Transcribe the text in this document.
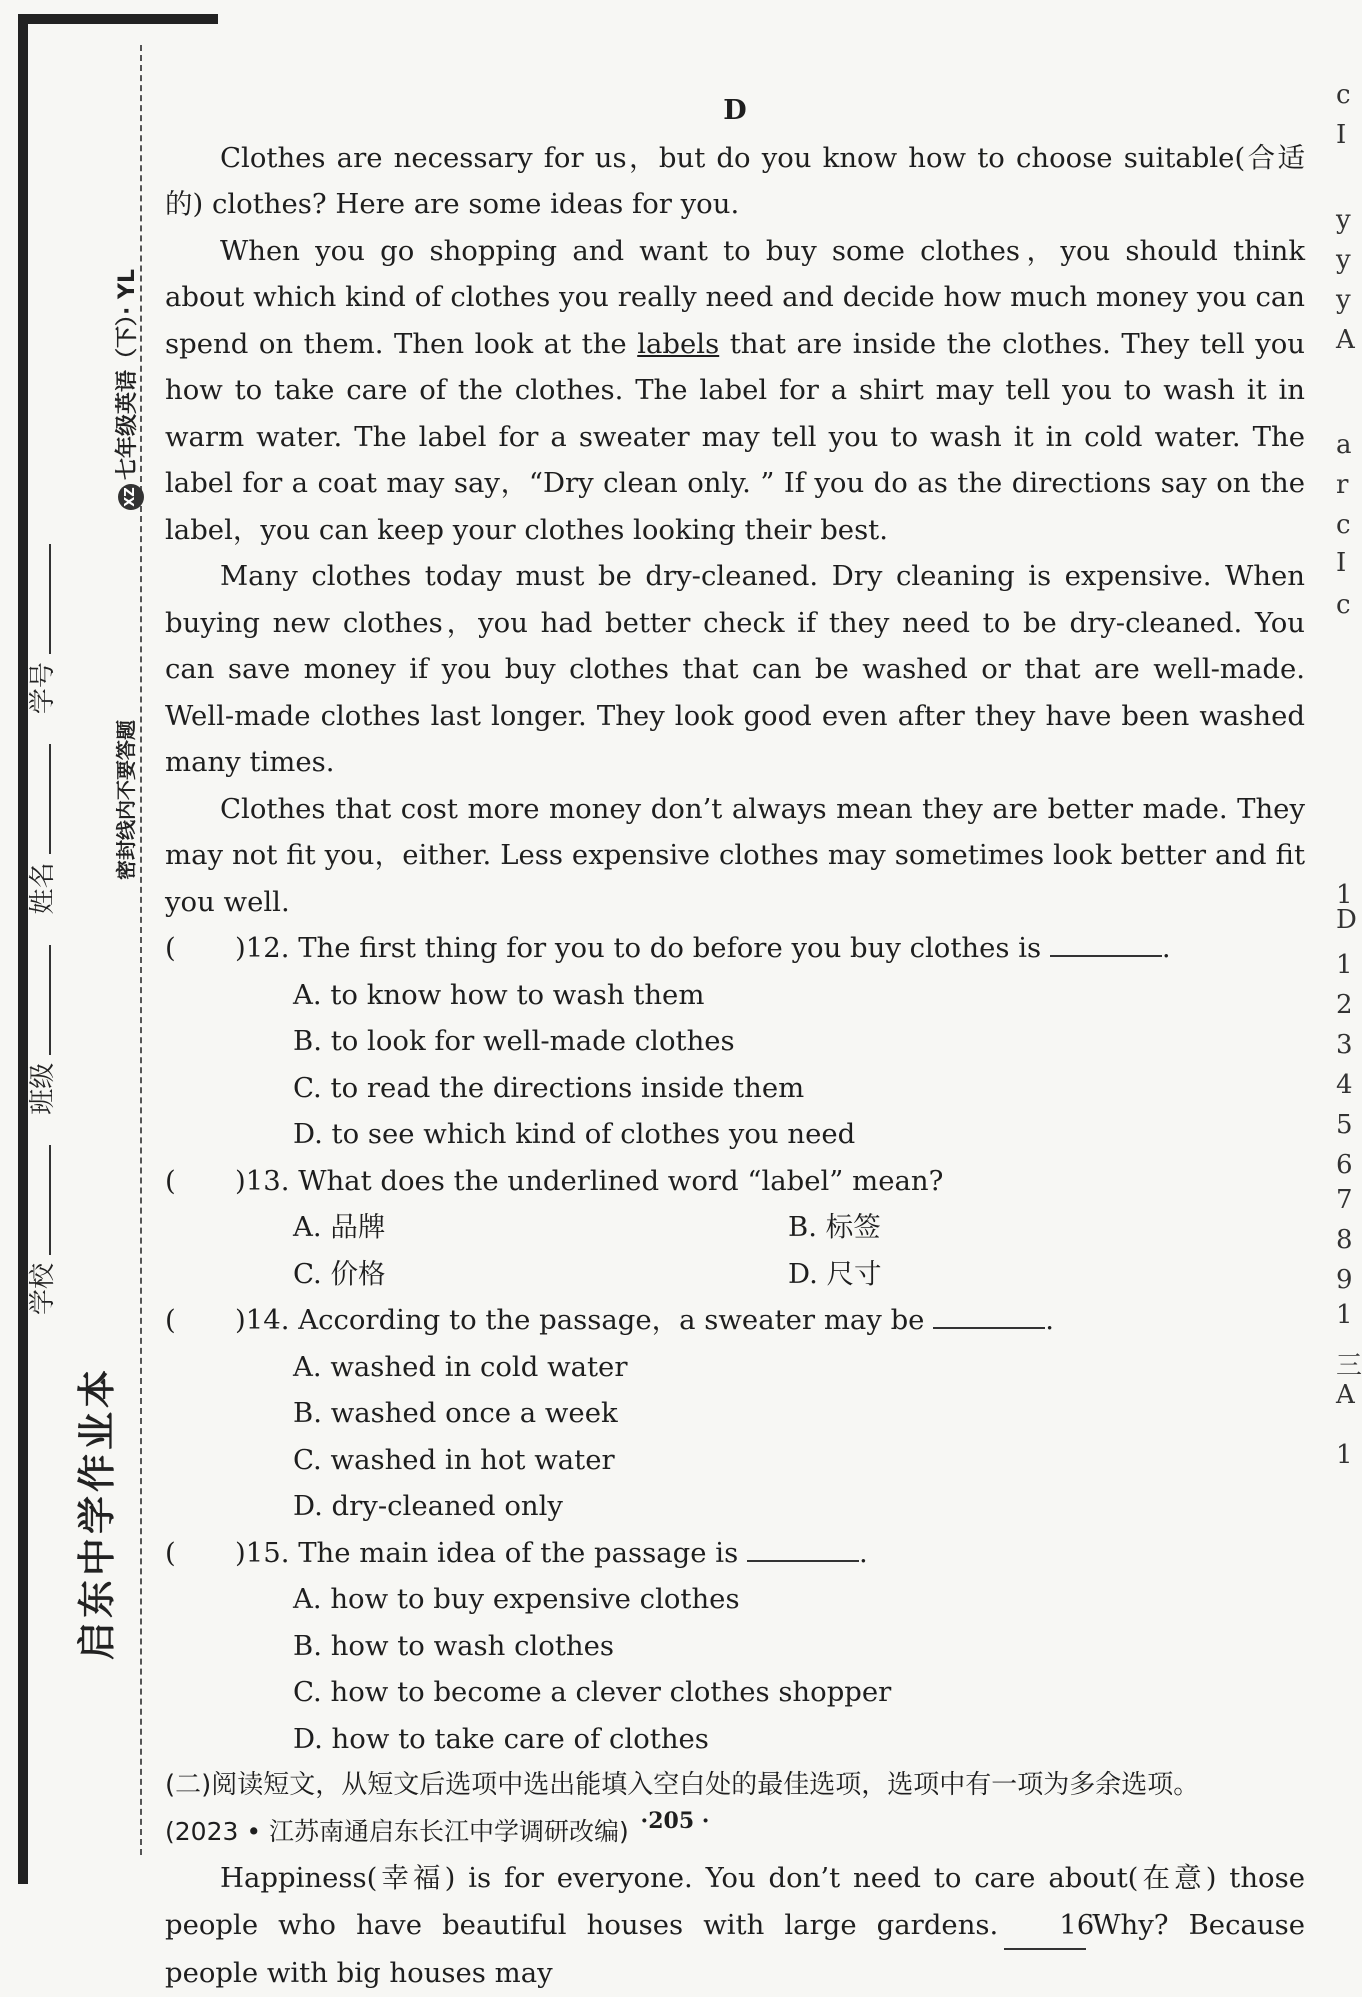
启东中学作业本
学校 班级 姓名 学号
密封线内不要答题
XZ七年级英语（下）· YL
D

Clothes are necessary for us，but do you know how to choose suitable(合适的) clothes? Here are some ideas for you.

When you go shopping and want to buy some clothes，you should think about which kind of clothes you really need and decide how much money you can spend on them. Then look at the labels that are inside the clothes. They tell you how to take care of the clothes. The label for a shirt may tell you to wash it in warm water. The label for a sweater may tell you to wash it in cold water. The label for a coat may say，“Dry clean only. ” If you do as the directions say on the label，you can keep your clothes looking their best.

Many clothes today must be dry-cleaned. Dry cleaning is expensive. When buying new clothes，you had better check if they need to be dry-cleaned. You can save money if you buy clothes that can be washed or that are well-made. Well-made clothes last longer. They look good even after they have been washed many times.

Clothes that cost more money don’t always mean they are better made. They may not fit you，either. Less expensive clothes may sometimes look better and fit you well.

(	)12. The first thing for you to do before you buy clothes is	.

A. to know how to wash them

B. to look for well-made clothes

C. to read the directions inside them

D. to see which kind of clothes you need

(	)13. What does the underlined word “label” mean?
A. 品牌	B. 标签
C. 价格	D. 尺寸
(	)14. According to the passage，a sweater may be	.

A. washed in cold water

B. washed once a week

C. washed in hot water

D. dry-cleaned only

(	)15. The main idea of the passage is	.

A. how to buy expensive clothes

B. how to wash clothes

C. how to become a clever clothes shopper

D. how to take care of clothes

(二)阅读短文，从短文后选项中选出能填入空白处的最佳选项，选项中有一项为多余选项。

(2023 • 江苏南通启东长江中学调研改编)

Happiness(幸福) is for everyone. You don’t need to care about(在意) those people who have beautiful houses with large gardens. 16Why? Because people with big houses may

·205 ·
c
I
y
y
y
A
a
r
c
I
c
1
D
1
2
3
4
5
6
7
8
9
1
三
A
1
